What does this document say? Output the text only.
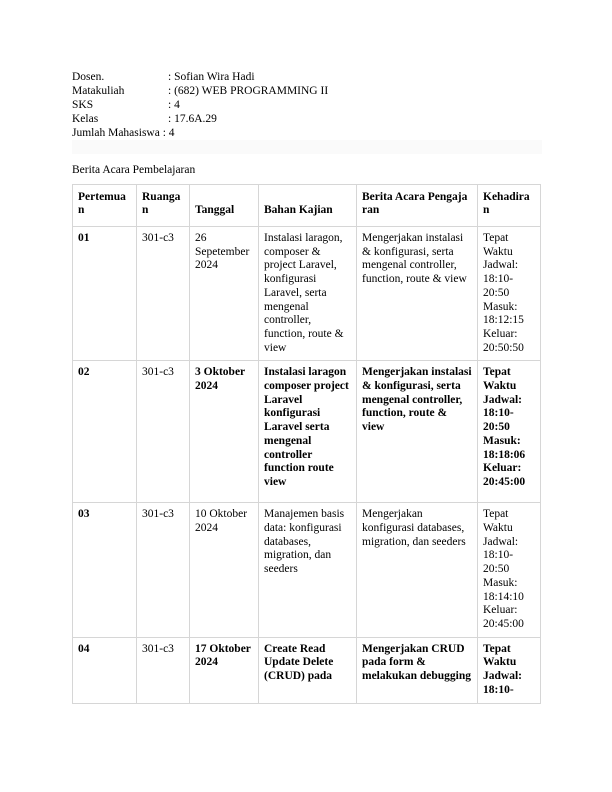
Dosen.	: Sofian Wira Hadi
Matakuliah	: (682) WEB PROGRAMMING II
SKS	: 4
Kelas	: 17.6A.29
Jumlah Mahasiswa : 4
Berita Acara Pembelajaran
Pertemuan	Ruangan	Tanggal	Bahan Kajian	Berita Acara Pengajaran	Kehadiran
01	301-c3	26 Sepetember 2024	Instalasi laragon, composer & project Laravel, konfigurasi Laravel, serta mengenal controller, function, route & view	Mengerjakan instalasi & konfigurasi, serta mengenal controller, function, route & view	Tepat Waktu
Jadwal: 18:10-20:50
Masuk: 18:12:15
Keluar: 20:50:50

02	301-c3	3 Oktober 2024	Instalasi laragon composer project Laravel konfigurasi Laravel serta mengenal controller function route view	Mengerjakan instalasi & konfigurasi, serta mengenal controller, function, route & view	Tepat Waktu
Jadwal: 18:10-20:50
Masuk: 18:18:06
Keluar: 20:45:00

03	301-c3	10 Oktober 2024	Manajemen basis data: konfigurasi databases, migration, dan seeders	Mengerjakan konfigurasi databases, migration, dan seeders	Tepat Waktu
Jadwal: 18:10-20:50
Masuk: 18:14:10
Keluar: 20:45:00

04	301-c3	17 Oktober 2024	Create Read Update Delete (CRUD) pada	Mengerjakan CRUD pada form & melakukan debugging	Tepat Waktu
Jadwal: 18:10-
